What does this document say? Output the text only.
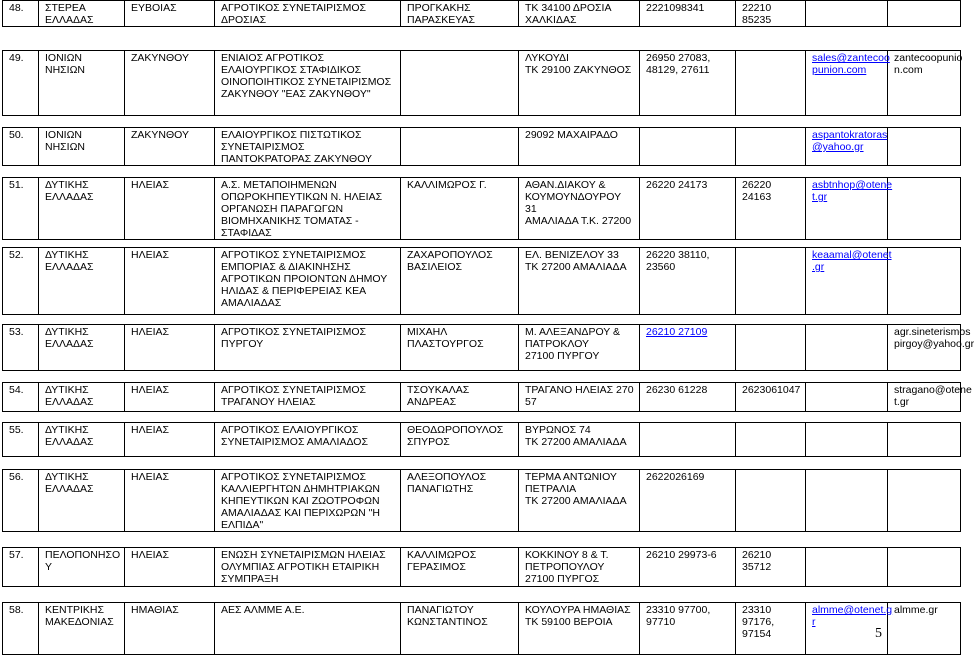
48.	ΣΤΕΡΕΑ
ΕΛΛΑΔΑΣ	ΕΥΒΟΙΑΣ	ΑΓΡΟΤΙΚΟΣ ΣΥΝΕΤΑΙΡΙΣΜΟΣ
ΔΡΟΣΙΑΣ	ΠΡΟΓΚΑΚΗΣ
ΠΑΡΑΣΚΕΥΑΣ	ΤΚ 34100 ΔΡΟΣΙΑ
ΧΑΛΚΙΔΑΣ	2221098341	22210 85235		

49.	ΙΟΝΙΩΝ ΝΗΣΙΩΝ	ΖΑΚΥΝΘΟΥ	ΕΝΙΑΙΟΣ ΑΓΡΟΤΙΚΟΣ
ΕΛΑΙΟΥΡΓΙΚΟΣ ΣΤΑΦΙΔΙΚΟΣ
ΟΙΝΟΠΟΙΗΤΙΚΟΣ ΣΥΝΕΤΑΙΡΙΣΜΟΣ
ΖΑΚΥΝΘΟΥ "ΕΑΣ ΖΑΚΥΝΘΟΥ"		ΛΥΚΟΥΔΙ
ΤΚ 29100 ΖΑΚΥΝΘΟΣ	26950 27083,
48129, 27611		sales@zantecoo
punion.com	zantecoopunio
n.com

50.	ΙΟΝΙΩΝ ΝΗΣΙΩΝ	ΖΑΚΥΝΘΟΥ	ΕΛΑΙΟΥΡΓΙΚΟΣ ΠΙΣΤΩΤΙΚΟΣ
ΣΥΝΕΤΑΙΡΙΣΜΟΣ
ΠΑΝΤΟΚΡΑΤΟΡΑΣ ΖΑΚΥΝΘΟΥ		29092 ΜΑΧΑΙΡΑΔΟ			aspantokratoras
@yahoo.gr	

51.	ΔΥΤΙΚΗΣ
ΕΛΛΑΔΑΣ	ΗΛΕΙΑΣ	Α.Σ. ΜΕΤΑΠΟΙΗΜΕΝΩΝ
ΟΠΩΡΟΚΗΠΕΥΤΙΚΩΝ Ν. ΗΛΕΙΑΣ
ΟΡΓΑΝΩΣΗ ΠΑΡΑΓΩΓΩΝ
ΒΙΟΜΗΧΑΝΙΚΗΣ ΤΟΜΑΤΑΣ -
ΣΤΑΦΙΔΑΣ	ΚΑΛΛΙΜΩΡΟΣ Γ.	ΑΘΑΝ.ΔΙΑΚΟΥ &
ΚΟΥΜΟΥΝΔΟΥΡΟΥ 31
ΑΜΑΛΙΑΔΑ Τ.Κ. 27200	26220 24173	26220 24163	asbtnhop@otene
t.gr	

52.	ΔΥΤΙΚΗΣ
ΕΛΛΑΔΑΣ	ΗΛΕΙΑΣ	ΑΓΡΟΤΙΚΟΣ ΣΥΝΕΤΑΙΡΙΣΜΟΣ
ΕΜΠΟΡΙΑΣ & ΔΙΑΚΙΝΗΣΗΣ
ΑΓΡΟΤΙΚΩΝ ΠΡΟΙΟΝΤΩΝ ΔΗΜΟΥ
ΗΛΙΔΑΣ & ΠΕΡΙΦΕΡΕΙΑΣ ΚΕΑ
ΑΜΑΛΙΑΔΑΣ	ΖΑΧΑΡΟΠΟΥΛΟΣ
ΒΑΣΙΛΕΙΟΣ	ΕΛ. ΒΕΝΙΖΕΛΟΥ 33
ΤΚ 27200 ΑΜΑΛΙΑΔΑ	26220 38110,
23560		keaamal@otenet
.gr	

53.	ΔΥΤΙΚΗΣ
ΕΛΛΑΔΑΣ	ΗΛΕΙΑΣ	ΑΓΡΟΤΙΚΟΣ ΣΥΝΕΤΑΙΡΙΣΜΟΣ
ΠΥΡΓΟΥ	ΜΙΧΑΗΛ
ΠΛΑΣΤΟΥΡΓΟΣ	Μ. ΑΛΕΞΑΝΔΡΟΥ &
ΠΑΤΡΟΚΛΟΥ
27100 ΠΥΡΓΟΥ	26210 27109			agr.sineterismos
pirgoy@yahoo.gr

54.	ΔΥΤΙΚΗΣ
ΕΛΛΑΔΑΣ	ΗΛΕΙΑΣ	ΑΓΡΟΤΙΚΟΣ ΣΥΝΕΤΑΙΡΙΣΜΟΣ
ΤΡΑΓΑΝΟΥ ΗΛΕΙΑΣ	ΤΣΟΥΚΑΛΑΣ
ΑΝΔΡΕΑΣ	ΤΡΑΓΑΝΟ ΗΛΕΙΑΣ 270
57	26230 61228	2623061047		stragano@otene
t.gr

55.	ΔΥΤΙΚΗΣ
ΕΛΛΑΔΑΣ	ΗΛΕΙΑΣ	ΑΓΡΟΤΙΚΟΣ ΕΛΑΙΟΥΡΓΙΚΟΣ
ΣΥΝΕΤΑΙΡΙΣΜΟΣ ΑΜΑΛΙΑΔΟΣ	ΘΕΟΔΩΡΟΠΟΥΛΟΣ
ΣΠΥΡΟΣ	ΒΥΡΩΝΟΣ 74
ΤΚ 27200 ΑΜΑΛΙΑΔΑ				

56.	ΔΥΤΙΚΗΣ
ΕΛΛΑΔΑΣ	ΗΛΕΙΑΣ	ΑΓΡΟΤΙΚΟΣ ΣΥΝΕΤΑΙΡΙΣΜΟΣ
ΚΑΛΛΙΕΡΓΗΤΩΝ ΔΗΜΗΤΡΙΑΚΩΝ
ΚΗΠΕΥΤΙΚΩΝ ΚΑΙ ΖΩΟΤΡΟΦΩΝ
ΑΜΑΛΙΑΔΑΣ ΚΑΙ ΠΕΡΙΧΩΡΩΝ "Η
ΕΛΠΙΔΑ"	ΑΛΕΞΟΠΟΥΛΟΣ
ΠΑΝΑΓΙΩΤΗΣ	ΤΕΡΜΑ ΑΝΤΩΝΙΟΥ
ΠΕΤΡΑΛΙΑ
ΤΚ 27200 ΑΜΑΛΙΑΔΑ	2622026169			

57.	ΠΕΛΟΠΟΝΗΣΟ
Υ	ΗΛΕΙΑΣ	ΕΝΩΣΗ ΣΥΝΕΤΑΙΡΙΣΜΩΝ ΗΛΕΙΑΣ
ΟΛΥΜΠΙΑΣ ΑΓΡΟΤΙΚΗ ΕΤΑΙΡΙΚΗ
ΣΥΜΠΡΑΞΗ	ΚΑΛΛΙΜΩΡΟΣ
ΓΕΡΑΣΙΜΟΣ	ΚΟΚΚΙΝΟΥ 8 & Τ.
ΠΕΤΡΟΠΟΥΛΟΥ
27100 ΠΥΡΓΟΣ	26210 29973-6	26210 35712		

58.	ΚΕΝΤΡΙΚΗΣ
ΜΑΚΕΔΟΝΙΑΣ	ΗΜΑΘΙΑΣ	ΑΕΣ ΑΛΜΜΕ Α.Ε.	ΠΑΝΑΓΙΩΤΟΥ
ΚΩΝΣΤΑΝΤΙΝΟΣ	ΚΟΥΛΟΥΡΑ ΗΜΑΘΙΑΣ
ΤΚ 59100 ΒΕΡΟΙΑ	23310 97700,
97710	23310 97176,
97154	almme@otenet.g
r	almme.gr
5
